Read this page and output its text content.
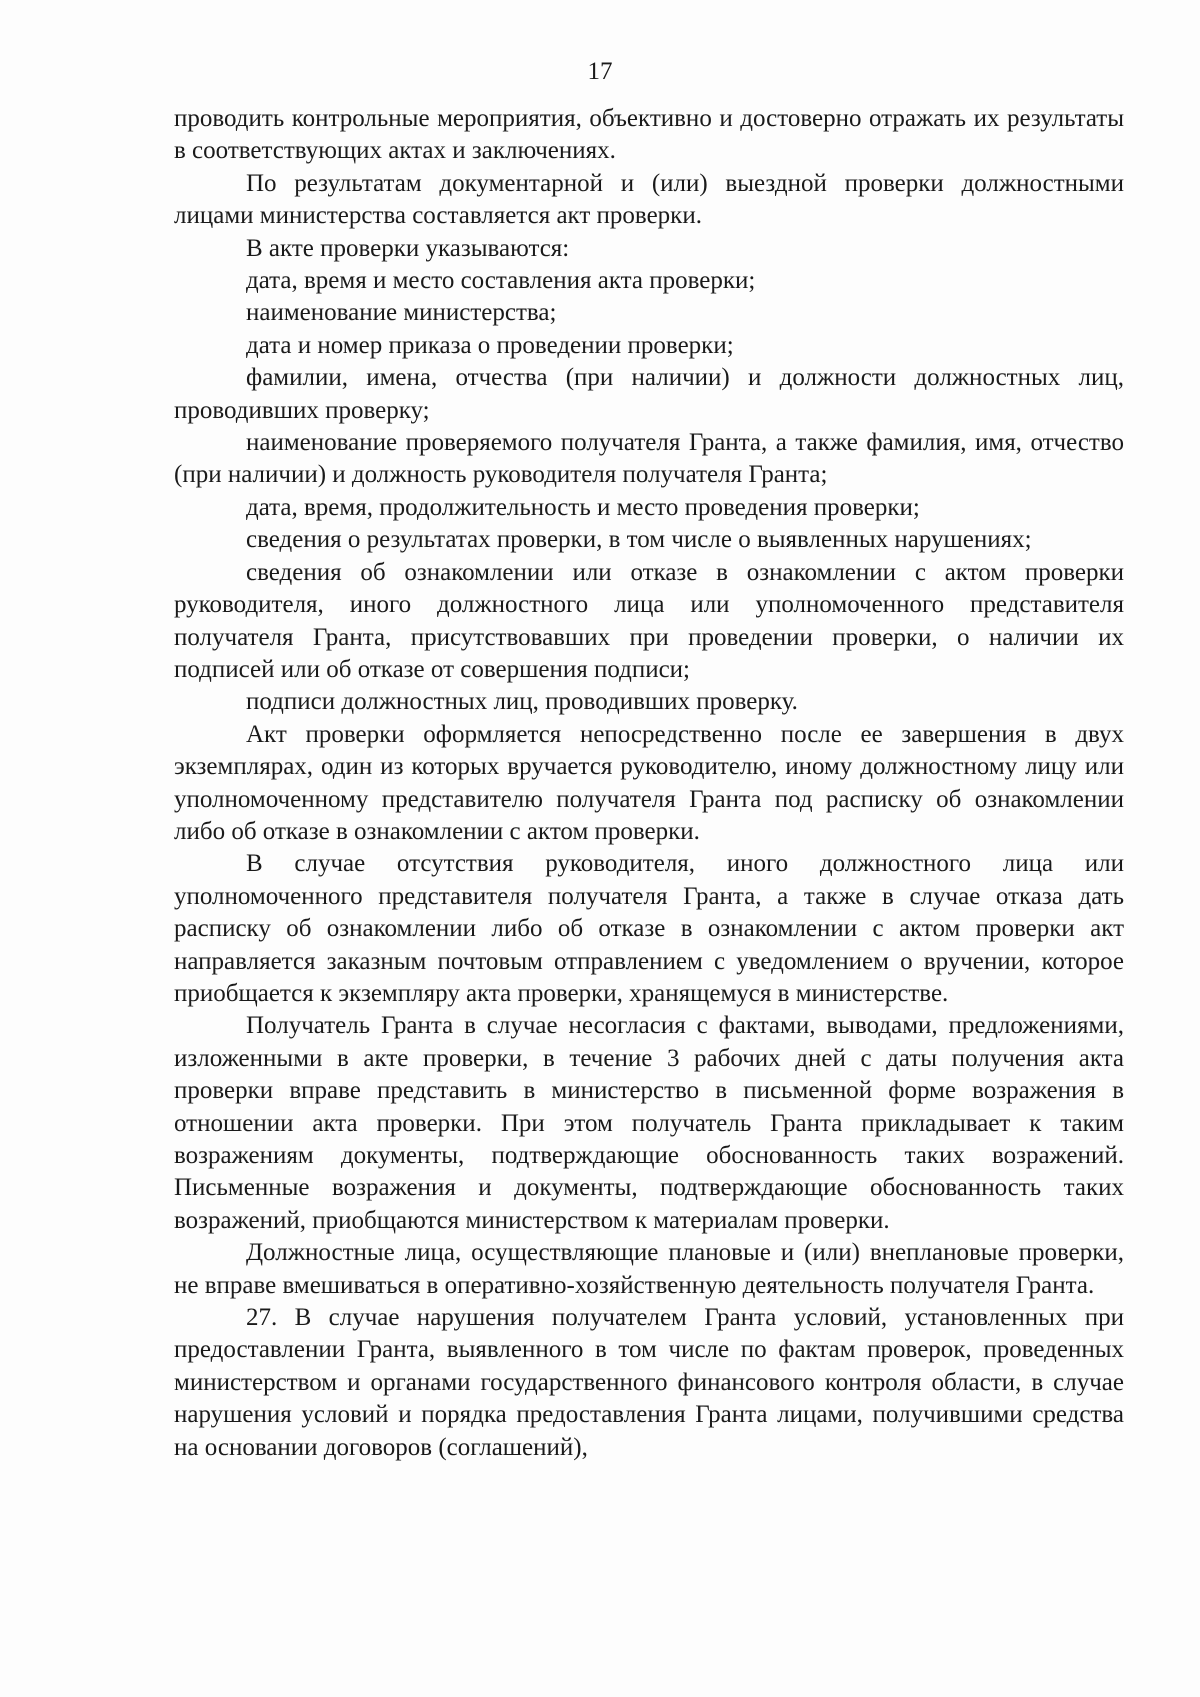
17

проводить контрольные мероприятия, объективно и достоверно отражать их результаты в соответствующих актах и заключениях.

По результатам документарной и (или) выездной проверки должностными лицами министерства составляется акт проверки.

В акте проверки указываются:

дата, время и место составления акта проверки;

наименование министерства;

дата и номер приказа о проведении проверки;

фамилии, имена, отчества (при наличии) и должности должностных лиц, проводивших проверку;

наименование проверяемого получателя Гранта, а также фамилия, имя, отчество (при наличии) и должность руководителя получателя Гранта;

дата, время, продолжительность и место проведения проверки;

сведения о результатах проверки, в том числе о выявленных нарушениях;

сведения об ознакомлении или отказе в ознакомлении с актом проверки руководителя, иного должностного лица или уполномоченного представителя получателя Гранта, присутствовавших при проведении проверки, о наличии их подписей или об отказе от совершения подписи;

подписи должностных лиц, проводивших проверку.

Акт проверки оформляется непосредственно после ее завершения в двух экземплярах, один из которых вручается руководителю, иному должностному лицу или уполномоченному представителю получателя Гранта под расписку об ознакомлении либо об отказе в ознакомлении с актом проверки.

В случае отсутствия руководителя, иного должностного лица или уполномоченного представителя получателя Гранта, а также в случае отказа дать расписку об ознакомлении либо об отказе в ознакомлении с актом проверки акт направляется заказным почтовым отправлением с уведомлением о вручении, которое приобщается к экземпляру акта проверки, хранящемуся в министерстве.

Получатель Гранта в случае несогласия с фактами, выводами, предложениями, изложенными в акте проверки, в течение 3 рабочих дней с даты получения акта проверки вправе представить в министерство в письменной форме возражения в отношении акта проверки. При этом получатель Гранта прикладывает к таким возражениям документы, подтверждающие обоснованность таких возражений. Письменные возражения и документы, подтверждающие обоснованность таких возражений, приобщаются министерством к материалам проверки.

Должностные лица, осуществляющие плановые и (или) внеплановые проверки, не вправе вмешиваться в оперативно-хозяйственную деятельность получателя Гранта.

27. В случае нарушения получателем Гранта условий, установленных при предоставлении Гранта, выявленного в том числе по фактам проверок, проведенных министерством и органами государственного финансового контроля области, в случае нарушения условий и порядка предоставления Гранта лицами, получившими средства на основании договоров (соглашений),
